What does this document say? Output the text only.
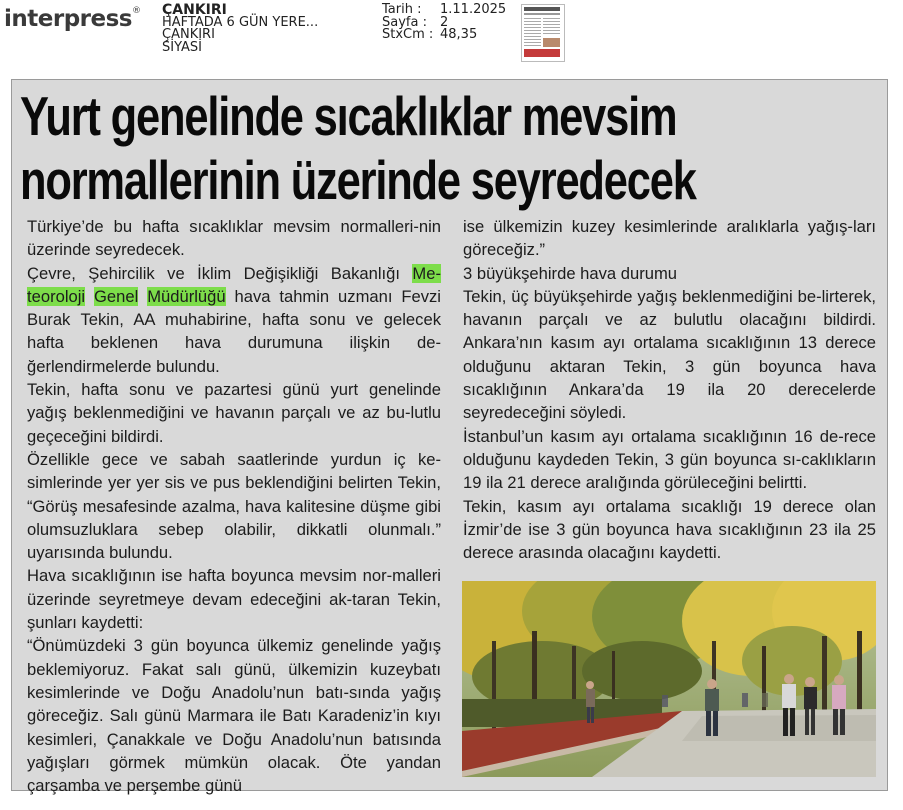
interpress® ÇANKIRI
HAFTADA 6 GÜN YERE...
ÇANKIRI
SİYASİ
Tarih :	1.11.2025
Sayfa :	2
StxCm : 48,35
Yurt genelinde sıcaklıklar mevsim
normallerinin üzerinde seyredecek

Türkiye’de bu hafta sıcaklıklar mevsim normalleri-nin üzerinde seyredecek.

Çevre, Şehircilik ve İklim Değişikliği Bakanlığı Me-teoroloji Genel Müdürlüğü hava tahmin uzmanı Fevzi Burak Tekin, AA muhabirine, hafta sonu ve gelecek hafta beklenen hava durumuna ilişkin de-ğerlendirmelerde bulundu.

Tekin, hafta sonu ve pazartesi günü yurt genelinde yağış beklenmediğini ve havanın parçalı ve az bu-lutlu geçeceğini bildirdi.

Özellikle gece ve sabah saatlerinde yurdun iç ke-simlerinde yer yer sis ve pus beklendiğini belirten Tekin, “Görüş mesafesinde azalma, hava kalitesine düşme gibi olumsuzluklara sebep olabilir, dikkatli olunmalı.” uyarısında bulundu.

Hava sıcaklığının ise hafta boyunca mevsim nor-malleri üzerinde seyretmeye devam edeceğini ak-taran Tekin, şunları kaydetti:

“Önümüzdeki 3 gün boyunca ülkemiz genelinde yağış beklemiyoruz. Fakat salı günü, ülkemizin kuzeybatı kesimlerinde ve Doğu Anadolu’nun batı-sında yağış göreceğiz. Salı günü Marmara ile Batı Karadeniz’in kıyı kesimleri, Çanakkale ve Doğu Anadolu’nun batısında yağışları görmek mümkün olacak. Öte yandan çarşamba ve perşembe günü

ise ülkemizin kuzey kesimlerinde aralıklarla yağış-ları göreceğiz.”

3 büyükşehirde hava durumu

Tekin, üç büyükşehirde yağış beklenmediğini be-lirterek, havanın parçalı ve az bulutlu olacağını bildirdi. Ankara’nın kasım ayı ortalama sıcaklığının 13 derece olduğunu aktaran Tekin, 3 gün boyunca hava sıcaklığının Ankara’da 19 ila 20 derecelerde seyredeceğini söyledi.

İstanbul’un kasım ayı ortalama sıcaklığının 16 de-rece olduğunu kaydeden Tekin, 3 gün boyunca sı-caklıkların 19 ila 21 derece aralığında görüleceğini belirtti.

Tekin, kasım ayı ortalama sıcaklığı 19 derece olan İzmir’de ise 3 gün boyunca hava sıcaklığının 23 ila 25 derece arasında olacağını kaydetti.
